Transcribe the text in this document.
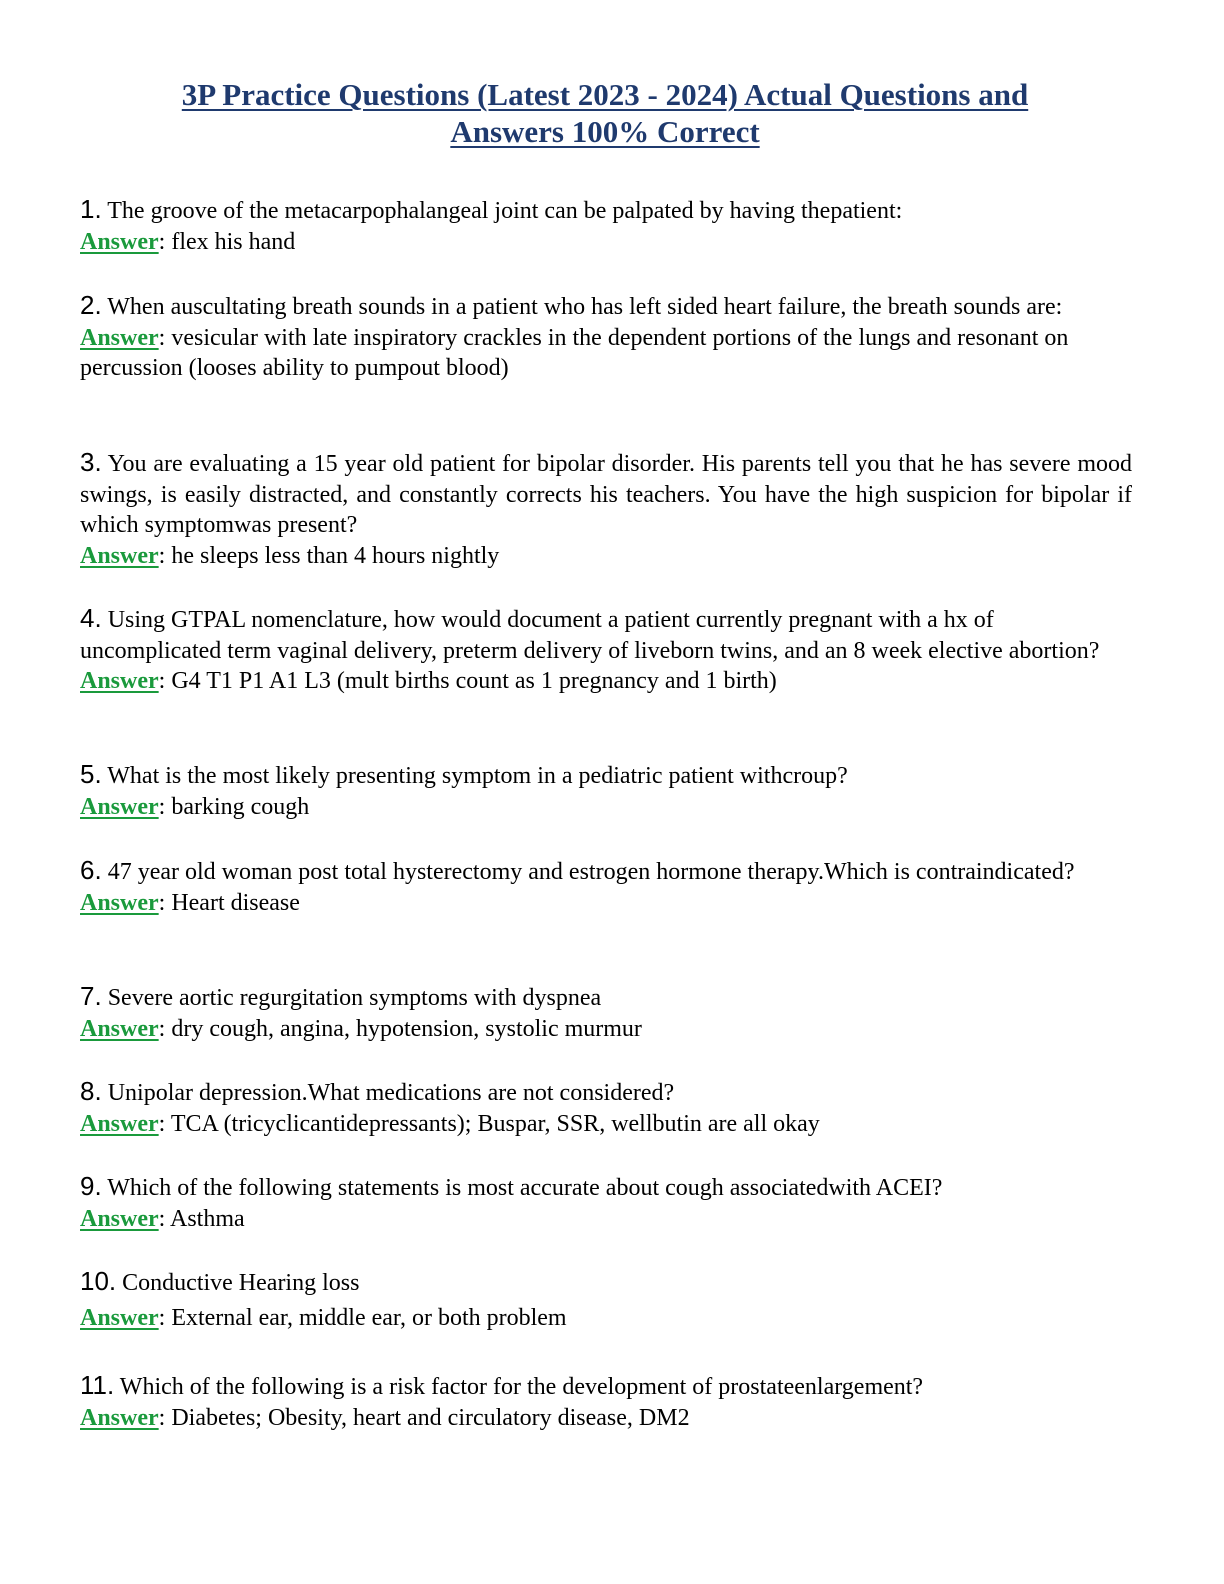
3P Practice Questions (Latest 2023 - 2024) Actual Questions and
Answers 100% Correct

1. The groove of the metacarpophalangeal joint can be palpated by having thepatient:

Answer: flex his hand

2. When auscultating breath sounds in a patient who has left sided heart failure, the breath sounds are:

Answer: vesicular with late inspiratory crackles in the dependent portions of the lungs and resonant on percussion (looses ability to pumpout blood)

3. You are evaluating a 15 year old patient for bipolar disorder. His parents tell you that he has severe mood swings, is easily distracted, and constantly corrects his teachers. You have the high suspicion for bipolar if which symptomwas present?

Answer: he sleeps less than 4 hours nightly

4. Using GTPAL nomenclature, how would document a patient currently pregnant with a hx of uncomplicated term vaginal delivery, preterm delivery of liveborn twins, and an 8 week elective abortion?

Answer: G4 T1 P1 A1 L3 (mult births count as 1 pregnancy and 1 birth)

5. What is the most likely presenting symptom in a pediatric patient withcroup?

Answer: barking cough

6. 47 year old woman post total hysterectomy and estrogen hormone therapy.Which is contraindicated?

Answer: Heart disease

7. Severe aortic regurgitation symptoms with dyspnea

Answer: dry cough, angina, hypotension, systolic murmur

8. Unipolar depression.What medications are not considered?

Answer: TCA (tricyclicantidepressants); Buspar, SSR, wellbutin are all okay

9. Which of the following statements is most accurate about cough associatedwith ACEI?

Answer: Asthma

10. Conductive Hearing loss

Answer: External ear, middle ear, or both problem

11. Which of the following is a risk factor for the development of prostateenlargement?

Answer: Diabetes; Obesity, heart and circulatory disease, DM2
